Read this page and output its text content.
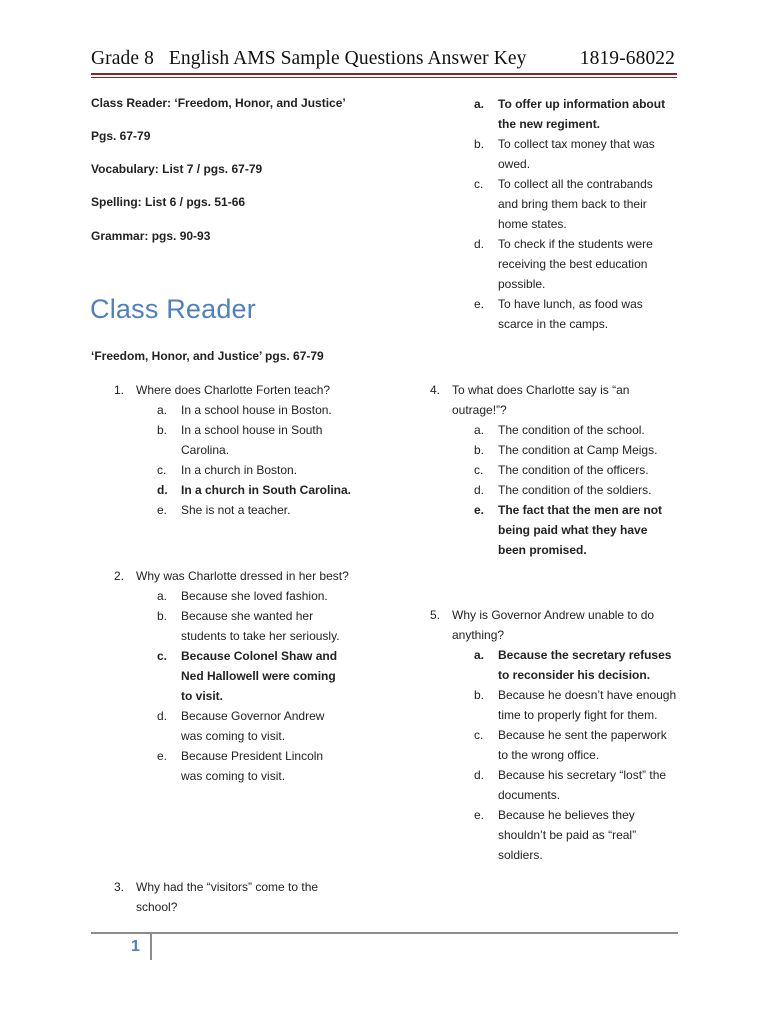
Grade 8   English AMS Sample Questions Answer Key	1819-68022
Class Reader: ‘Freedom, Honor, and Justice’
Pgs. 67-79
Vocabulary: List 7 / pgs. 67-79
Spelling: List 6 / pgs. 51-66
Grammar: pgs. 90-93
Class Reader
‘Freedom, Honor, and Justice’ pgs. 67-79
1. Where does Charlotte Forten teach?
a.	In a school house in Boston.
b.	In a school house in South Carolina.
c.	In a church in Boston.
d.	In a church in South Carolina.
e.	She is not a teacher.
2. Why was Charlotte dressed in her best?
a.	Because she loved fashion.
b.	Because she wanted her students to take her seriously.
c.	Because Colonel Shaw and Ned Hallowell were coming to visit.
d.	Because Governor Andrew was coming to visit.
e.	Because President Lincoln was coming to visit.
3. Why had the “visitors” come to the school?
a.	To offer up information about the new regiment.
b.	To collect tax money that was owed.
c.	To collect all the contrabands and bring them back to their home states.
d.	To check if the students were receiving the best education possible.
e.	To have lunch, as food was scarce in the camps.
4. To what does Charlotte say is “an outrage!”?
a.	The condition of the school.
b.	The condition at Camp Meigs.
c.	The condition of the officers.
d.	The condition of the soldiers.
e.	The fact that the men are not being paid what they have been promised.
5. Why is Governor Andrew unable to do anything?
a.	Because the secretary refuses to reconsider his decision.
b.	Because he doesn’t have enough time to properly fight for them.
c.	Because he sent the paperwork to the wrong office.
d.	Because his secretary “lost” the documents.
e.	Because he believes they shouldn’t be paid as “real” soldiers.
1
